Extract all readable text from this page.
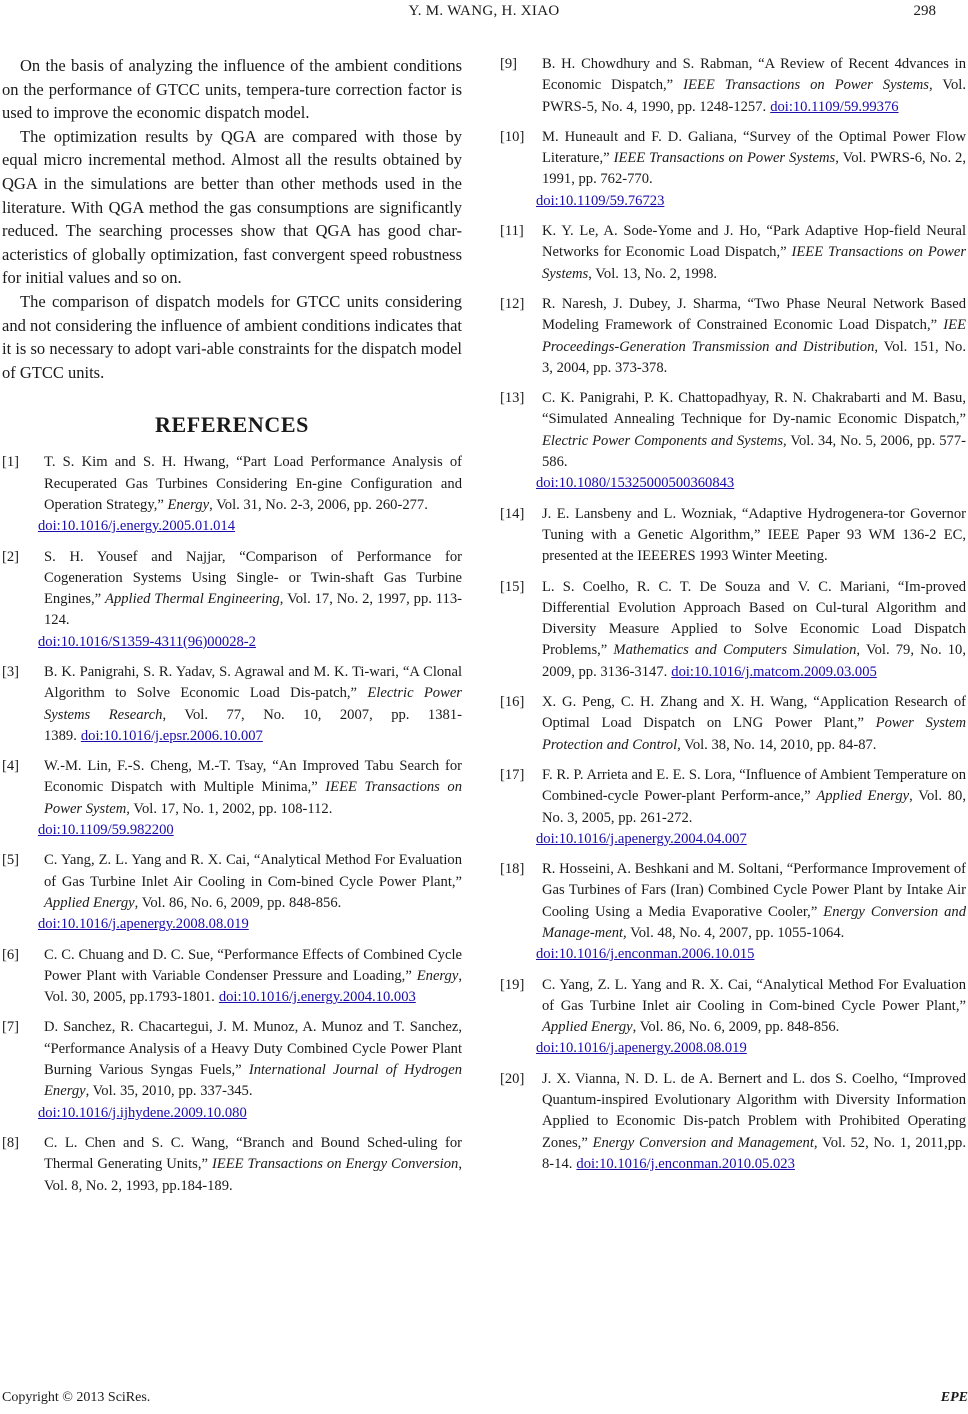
Y. M. WANG, H. XIAO	298

On the basis of analyzing the influence of the ambient conditions on the performance of GTCC units, tempera-ture correction factor is used to improve the economic dispatch model.

The optimization results by QGA are compared with those by equal micro incremental method. Almost all the results obtained by QGA in the simulations are better than other methods used in the literature. With QGA method the gas consumptions are significantly reduced. The searching processes show that QGA has good char-acteristics of globally optimization, fast convergent speed robustness for initial values and so on.

The comparison of dispatch models for GTCC units considering and not considering the influence of ambient conditions indicates that it is so necessary to adopt vari-able constraints for the dispatch model of GTCC units.

REFERENCES
[1] T. S. Kim and S. H. Hwang, “Part Load Performance Analysis of Recuperated Gas Turbines Considering En-gine Configuration and Operation Strategy,” Energy, Vol. 31, No. 2-3, 2006, pp. 260-277.
doi:10.1016/j.energy.2005.01.014
[2] S. H. Yousef and Najjar, “Comparison of Performance for Cogeneration Systems Using Single- or Twin-shaft Gas Turbine Engines,” Applied Thermal Engineering, Vol. 17, No. 2, 1997, pp. 113-124.
doi:10.1016/S1359-4311(96)00028-2
[3] B. K. Panigrahi, S. R. Yadav, S. Agrawal and M. K. Ti-wari, “A Clonal Algorithm to Solve Economic Load Dis-patch,” Electric Power Systems Research, Vol. 77, No. 10, 2007, pp. 1381-1389. doi:10.1016/j.epsr.2006.10.007
[4] W.-M. Lin, F.-S. Cheng, M.-T. Tsay, “An Improved Tabu Search for Economic Dispatch with Multiple Minima,” IEEE Transactions on Power System, Vol. 17, No. 1, 2002, pp. 108-112.
doi:10.1109/59.982200
[5] C. Yang, Z. L. Yang and R. X. Cai, “Analytical Method For Evaluation of Gas Turbine Inlet Air Cooling in Com-bined Cycle Power Plant,” Applied Energy, Vol. 86, No. 6, 2009, pp. 848-856.
doi:10.1016/j.apenergy.2008.08.019
[6] C. C. Chuang and D. C. Sue, “Performance Effects of Combined Cycle Power Plant with Variable Condenser Pressure and Loading,” Energy, Vol. 30, 2005, pp.1793-1801. doi:10.1016/j.energy.2004.10.003
[7] D. Sanchez, R. Chacartegui, J. M. Munoz, A. Munoz and T. Sanchez, “Performance Analysis of a Heavy Duty Combined Cycle Power Plant Burning Various Syngas Fuels,” International Journal of Hydrogen Energy, Vol. 35, 2010, pp. 337-345.
doi:10.1016/j.ijhydene.2009.10.080
[8] C. L. Chen and S. C. Wang, “Branch and Bound Sched-uling for Thermal Generating Units,” IEEE Transactions on Energy Conversion, Vol. 8, No. 2, 1993, pp.184-189.
[9] B. H. Chowdhury and S. Rabman, “A Review of Recent 4dvances in Economic Dispatch,” IEEE Transactions on Power Systems, Vol. PWRS-5, No. 4, 1990, pp. 1248-1257. doi:10.1109/59.99376
[10] M. Huneault and F. D. Galiana, “Survey of the Optimal Power Flow Literature,” IEEE Transactions on Power Systems, Vol. PWRS-6, No. 2, 1991, pp. 762-770.
doi:10.1109/59.76723
[11] K. Y. Le, A. Sode-Yome and J. Ho, “Park Adaptive Hop-field Neural Networks for Economic Load Dispatch,” IEEE Transactions on Power Systems, Vol. 13, No. 2, 1998.
[12] R. Naresh, J. Dubey, J. Sharma, “Two Phase Neural Network Based Modeling Framework of Constrained Economic Load Dispatch,” IEE Proceedings-Generation Transmission and Distribution, Vol. 151, No. 3, 2004, pp. 373-378.
[13] C. K. Panigrahi, P. K. Chattopadhyay, R. N. Chakrabarti and M. Basu, “Simulated Annealing Technique for Dy-namic Economic Dispatch,” Electric Power Components and Systems, Vol. 34, No. 5, 2006, pp. 577-586.
doi:10.1080/15325000500360843
[14] J. E. Lansbeny and L. Wozniak, “Adaptive Hydrogenera-tor Governor Tuning with a Genetic Algorithm,” IEEE Paper 93 WM 136-2 EC, presented at the IEEERES 1993 Winter Meeting.
[15] L. S. Coelho, R. C. T. De Souza and V. C. Mariani, “Im-proved Differential Evolution Approach Based on Cul-tural Algorithm and Diversity Measure Applied to Solve Economic Load Dispatch Problems,” Mathematics and Computers Simulation, Vol. 79, No. 10, 2009, pp. 3136-3147. doi:10.1016/j.matcom.2009.03.005
[16] X. G. Peng, C. H. Zhang and X. H. Wang, “Application Research of Optimal Load Dispatch on LNG Power Plant,” Power System Protection and Control, Vol. 38, No. 14, 2010, pp. 84-87.
[17] F. R. P. Arrieta and E. E. S. Lora, “Influence of Ambient Temperature on Combined-cycle Power-plant Perform-ance,” Applied Energy, Vol. 80, No. 3, 2005, pp. 261-272.
doi:10.1016/j.apenergy.2004.04.007
[18] R. Hosseini, A. Beshkani and M. Soltani, “Performance Improvement of Gas Turbines of Fars (Iran) Combined Cycle Power Plant by Intake Air Cooling Using a Media Evaporative Cooler,” Energy Conversion and Manage-ment, Vol. 48, No. 4, 2007, pp. 1055-1064.
doi:10.1016/j.enconman.2006.10.015
[19] C. Yang, Z. L. Yang and R. X. Cai, “Analytical Method For Evaluation of Gas Turbine Inlet air Cooling in Com-bined Cycle Power Plant,” Applied Energy, Vol. 86, No. 6, 2009, pp. 848-856.
doi:10.1016/j.apenergy.2008.08.019
[20] J. X. Vianna, N. D. L. de A. Bernert and L. dos S. Coelho, “Improved Quantum-inspired Evolutionary Algorithm with Diversity Information Applied to Economic Dis-patch Problem with Prohibited Operating Zones,” Energy Conversion and Management, Vol. 52, No. 1, 2011,pp. 8-14. doi:10.1016/j.enconman.2010.05.023
Copyright © 2013 SciRes.	EPE
